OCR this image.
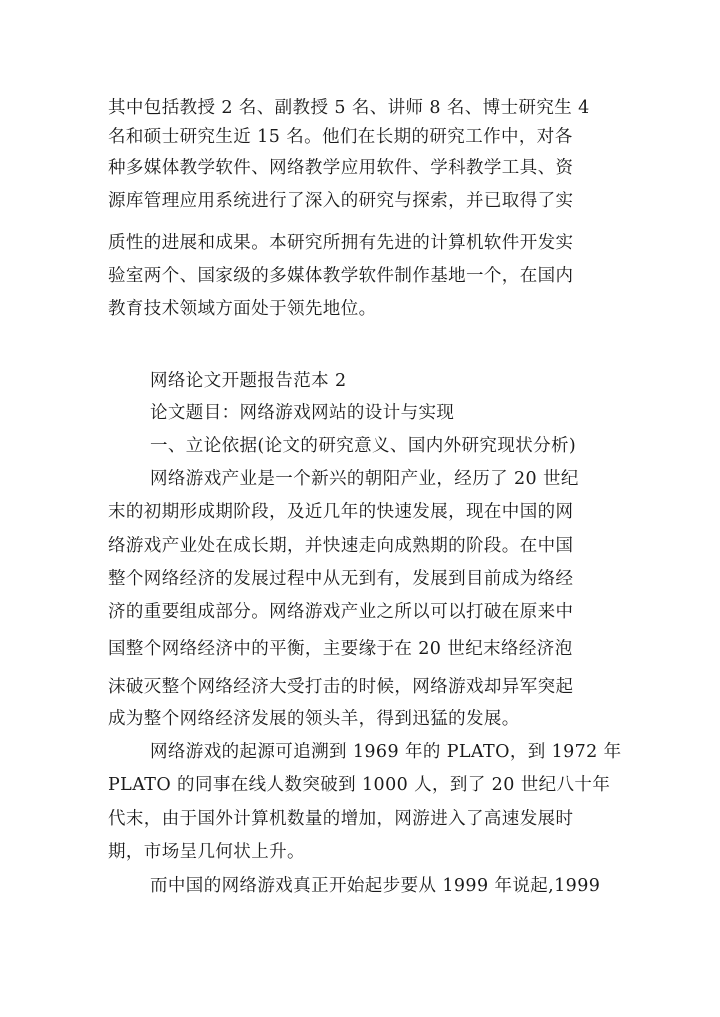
其中包括教授 2 名、副教授 5 名、讲师 8 名、博士研究生 4
名和硕士研究生近 15 名。他们在长期的研究工作中，对各
种多媒体教学软件、网络教学应用软件、学科教学工具、资
源库管理应用系统进行了深入的研究与探索，并已取得了实
质性的进展和成果。本研究所拥有先进的计算机软件开发实
验室两个、国家级的多媒体教学软件制作基地一个，在国内
教育技术领域方面处于领先地位。
网络论文开题报告范本 2
论文题目：网络游戏网站的设计与实现
一、立论依据(论文的研究意义、国内外研究现状分析)
网络游戏产业是一个新兴的朝阳产业，经历了 20 世纪
末的初期形成期阶段，及近几年的快速发展，现在中国的网
络游戏产业处在成长期，并快速走向成熟期的阶段。在中国
整个网络经济的发展过程中从无到有，发展到目前成为络经
济的重要组成部分。网络游戏产业之所以可以打破在原来中
国整个网络经济中的平衡，主要缘于在 20 世纪末络经济泡
沫破灭整个网络经济大受打击的时候，网络游戏却异军突起
成为整个网络经济发展的领头羊，得到迅猛的发展。
网络游戏的起源可追溯到 1969 年的 PLATO，到 1972 年
PLATO 的同事在线人数突破到 1000 人，到了 20 世纪八十年
代末，由于国外计算机数量的增加，网游进入了高速发展时
期，市场呈几何状上升。
而中国的网络游戏真正开始起步要从 1999 年说起,1999
